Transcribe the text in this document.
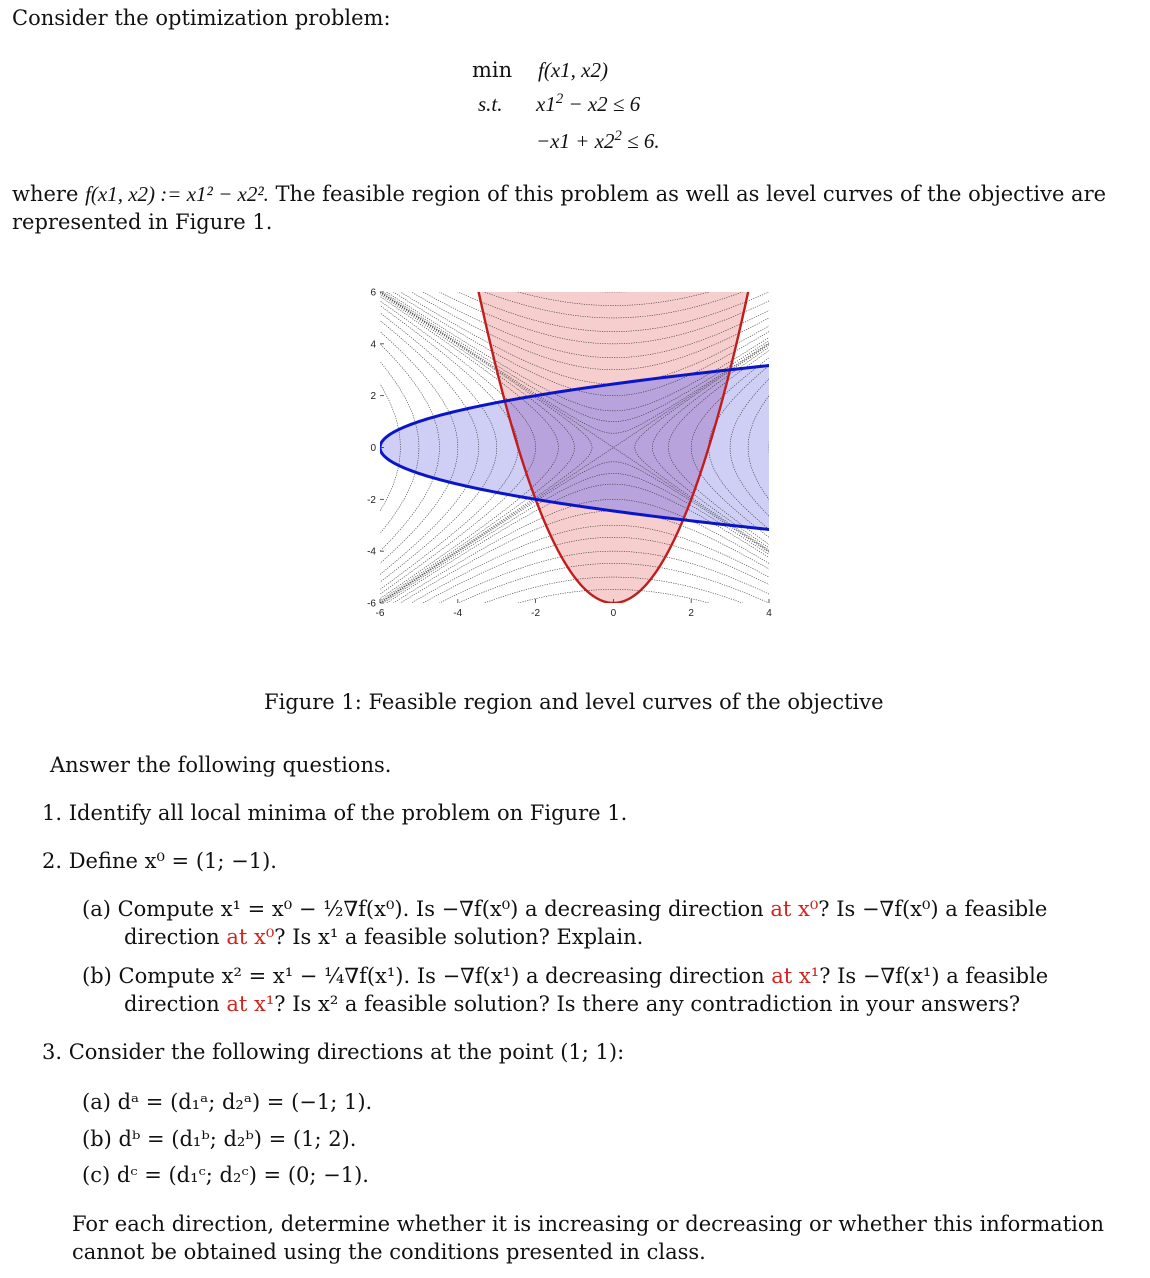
Consider the optimization problem:
min f(x1, x2)
s.t. $x1^2 - x2 \le 6$
$-x1 + x2^2 \le 6$.
where f(x1, x2) := x1² − x2². The feasible region of this problem as well as level curves of the objective are
represented in Figure 1.
-6	-4	-2	0	2	4
6
4
2
0
-2
-4
-6
Figure 1: Feasible region and level curves of the objective
Answer the following questions.
1. Identify all local minima of the problem on Figure 1.
2. Define x⁰ = (1; −1).
(a) Compute x¹ = x⁰ − ½∇f(x⁰). Is −∇f(x⁰) a decreasing direction at x⁰? Is −∇f(x⁰) a feasible
direction at x⁰? Is x¹ a feasible solution? Explain.
(b) Compute x² = x¹ − ¼∇f(x¹). Is −∇f(x¹) a decreasing direction at x¹? Is −∇f(x¹) a feasible
direction at x¹? Is x² a feasible solution? Is there any contradiction in your answers?
3. Consider the following directions at the point (1; 1):
(a) dᵃ = (d₁ᵃ; d₂ᵃ) = (−1; 1).
(b) dᵇ = (d₁ᵇ; d₂ᵇ) = (1; 2).
(c) dᶜ = (d₁ᶜ; d₂ᶜ) = (0; −1).
For each direction, determine whether it is increasing or decreasing or whether this information
cannot be obtained using the conditions presented in class.
